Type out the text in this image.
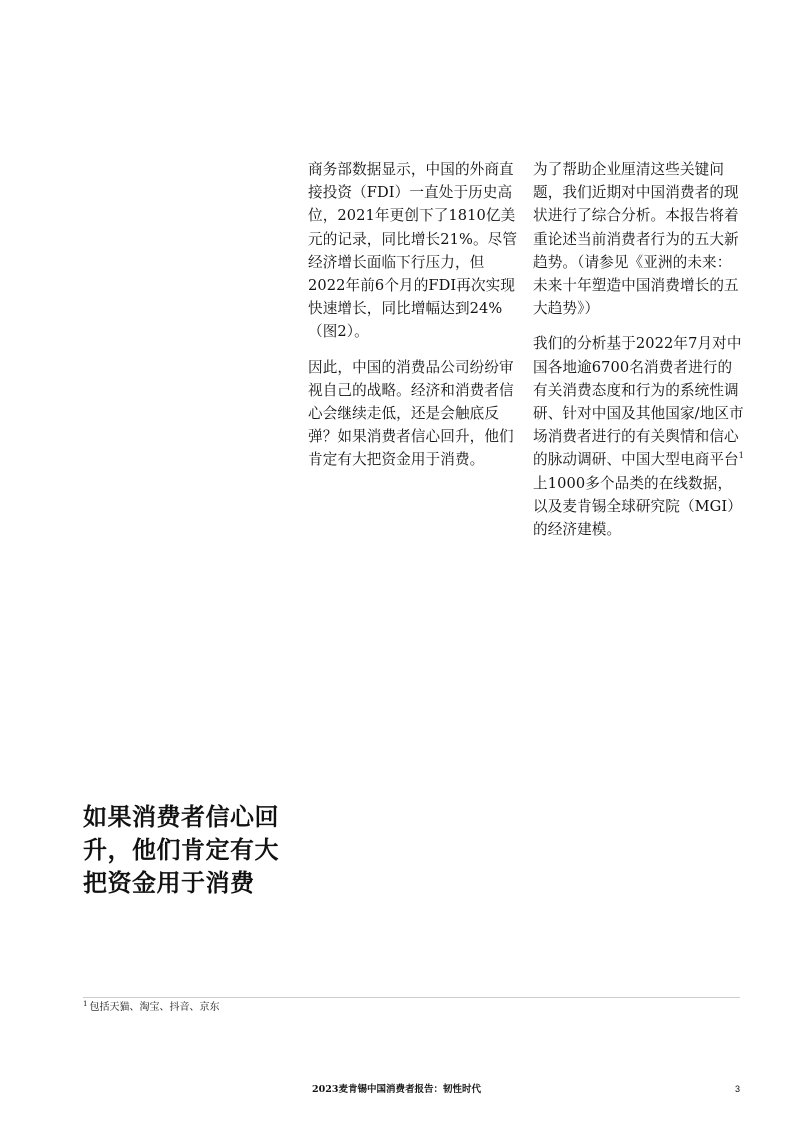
商务部数据显示，中国的外商直接投资（FDI）一直处于历史高位，2021年更创下了1810亿美元的记录，同比增长21%。尽管经济增长面临下行压力，但2022年前6个月的FDI再次实现快速增长，同比增幅达到24%（图2）。

因此，中国的消费品公司纷纷审视自己的战略。经济和消费者信心会继续走低，还是会触底反弹？如果消费者信心回升，他们肯定有大把资金用于消费。

为了帮助企业厘清这些关键问题，我们近期对中国消费者的现状进行了综合分析。本报告将着重论述当前消费者行为的五大新趋势。（请参见《亚洲的未来：未来十年塑造中国消费增长的五大趋势》）

我们的分析基于2022年7月对中国各地逾6700名消费者进行的有关消费态度和行为的系统性调研、针对中国及其他国家/地区市场消费者进行的有关舆情和信心的脉动调研、中国大型电商平台$^1$上1000多个品类的在线数据，以及麦肯锡全球研究院（MGI）的经济建模。

如果消费者信心回升，他们肯定有大把资金用于消费
$^1$ 包括天猫、淘宝、抖音、京东
2023麦肯锡中国消费者报告：韧性时代	3
